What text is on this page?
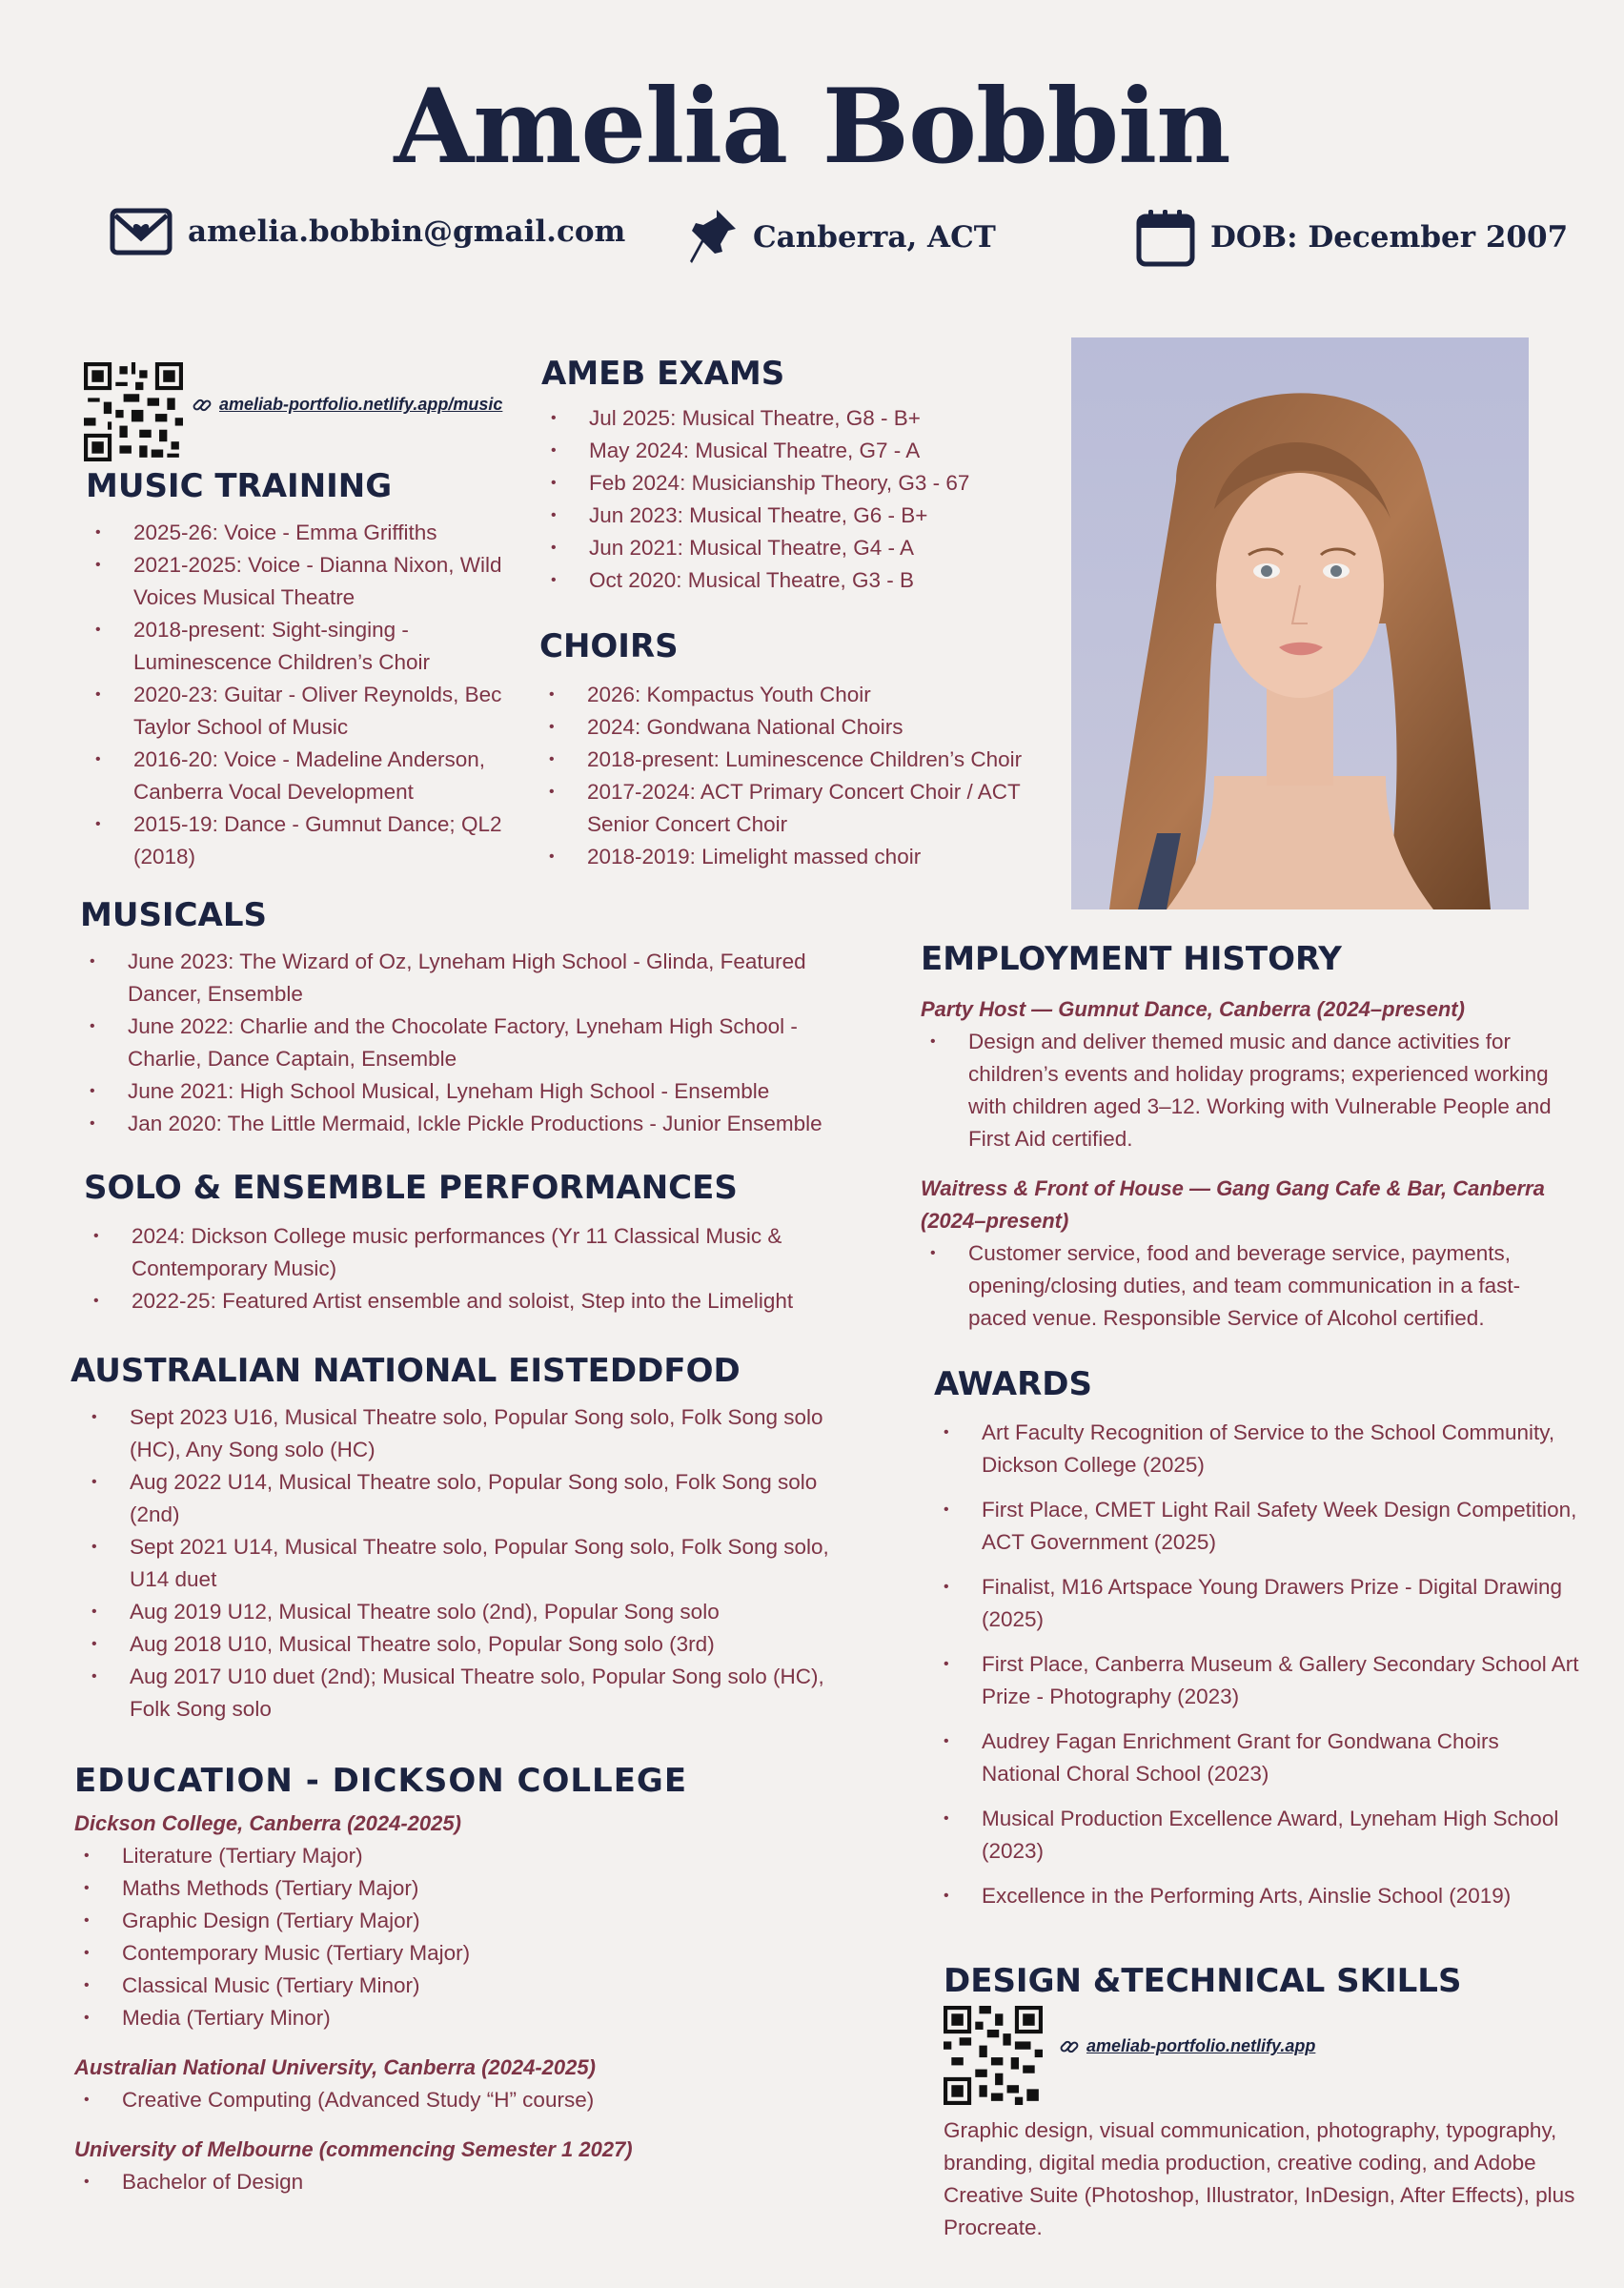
Amelia Bobbin
amelia.bobbin@gmail.com	Canberra, ACT	DOB: December 2007
ameliab-portfolio.netlify.app/music
MUSIC TRAINING
• 2025-26: Voice - Emma Griffiths
• 2021-2025: Voice - Dianna Nixon, Wild Voices Musical Theatre
• 2018-present: Sight-singing - Luminescence Children’s Choir
• 2020-23: Guitar - Oliver Reynolds, Bec Taylor School of Music
• 2016-20: Voice - Madeline Anderson, Canberra Vocal Development
• 2015-19: Dance - Gumnut Dance; QL2 (2018)
AMEB EXAMS
• Jul 2025: Musical Theatre, G8 - B+
• May 2024: Musical Theatre, G7 - A
• Feb 2024: Musicianship Theory, G3 - 67
• Jun 2023: Musical Theatre, G6 - B+
• Jun 2021: Musical Theatre, G4 - A
• Oct 2020: Musical Theatre, G3 - B
CHOIRS
• 2026: Kompactus Youth Choir
• 2024: Gondwana National Choirs
• 2018-present: Luminescence Children’s Choir
• 2017-2024: ACT Primary Concert Choir / ACT Senior Concert Choir
• 2018-2019: Limelight massed choir
MUSICALS
• June 2023: The Wizard of Oz, Lyneham High School - Glinda, Featured Dancer, Ensemble
• June 2022: Charlie and the Chocolate Factory, Lyneham High School - Charlie, Dance Captain, Ensemble
• June 2021: High School Musical, Lyneham High School - Ensemble
• Jan 2020: The Little Mermaid, Ickle Pickle Productions - Junior Ensemble
SOLO & ENSEMBLE PERFORMANCES
• 2024: Dickson College music performances (Yr 11 Classical Music & Contemporary Music)
• 2022-25: Featured Artist ensemble and soloist, Step into the Limelight
AUSTRALIAN NATIONAL EISTEDDFOD
• Sept 2023 U16, Musical Theatre solo, Popular Song solo, Folk Song solo (HC), Any Song solo (HC)
• Aug 2022 U14, Musical Theatre solo, Popular Song solo, Folk Song solo (2nd)
• Sept 2021 U14, Musical Theatre solo, Popular Song solo, Folk Song solo, U14 duet
• Aug 2019 U12, Musical Theatre solo (2nd), Popular Song solo
• Aug 2018 U10, Musical Theatre solo, Popular Song solo (3rd)
• Aug 2017 U10 duet (2nd); Musical Theatre solo, Popular Song solo (HC), Folk Song solo
EDUCATION - DICKSON COLLEGE
Dickson College, Canberra (2024-2025)
• Literature (Tertiary Major)
• Maths Methods (Tertiary Major)
• Graphic Design (Tertiary Major)
• Contemporary Music (Tertiary Major)
• Classical Music (Tertiary Minor)
• Media (Tertiary Minor)
Australian National University, Canberra (2024-2025)
• Creative Computing (Advanced Study “H” course)
University of Melbourne (commencing Semester 1 2027)
• Bachelor of Design
EMPLOYMENT HISTORY
Party Host — Gumnut Dance, Canberra (2024–present)
• Design and deliver themed music and dance activities for children’s events and holiday programs; experienced working with children aged 3–12. Working with Vulnerable People and First Aid certified.
Waitress & Front of House — Gang Gang Cafe & Bar, Canberra (2024–present)
• Customer service, food and beverage service, payments, opening/closing duties, and team communication in a fast-paced venue. Responsible Service of Alcohol certified.
AWARDS
• Art Faculty Recognition of Service to the School Community, Dickson College (2025)
• First Place, CMET Light Rail Safety Week Design Competition, ACT Government (2025)
• Finalist, M16 Artspace Young Drawers Prize - Digital Drawing (2025)
• First Place, Canberra Museum & Gallery Secondary School Art Prize - Photography (2023)
• Audrey Fagan Enrichment Grant for Gondwana Choirs National Choral School (2023)
• Musical Production Excellence Award, Lyneham High School (2023)
• Excellence in the Performing Arts, Ainslie School (2019)
DESIGN &TECHNICAL SKILLS
ameliab-portfolio.netlify.app
Graphic design, visual communication, photography, typography, branding, digital media production, creative coding, and Adobe Creative Suite (Photoshop, Illustrator, InDesign, After Effects), plus Procreate.
